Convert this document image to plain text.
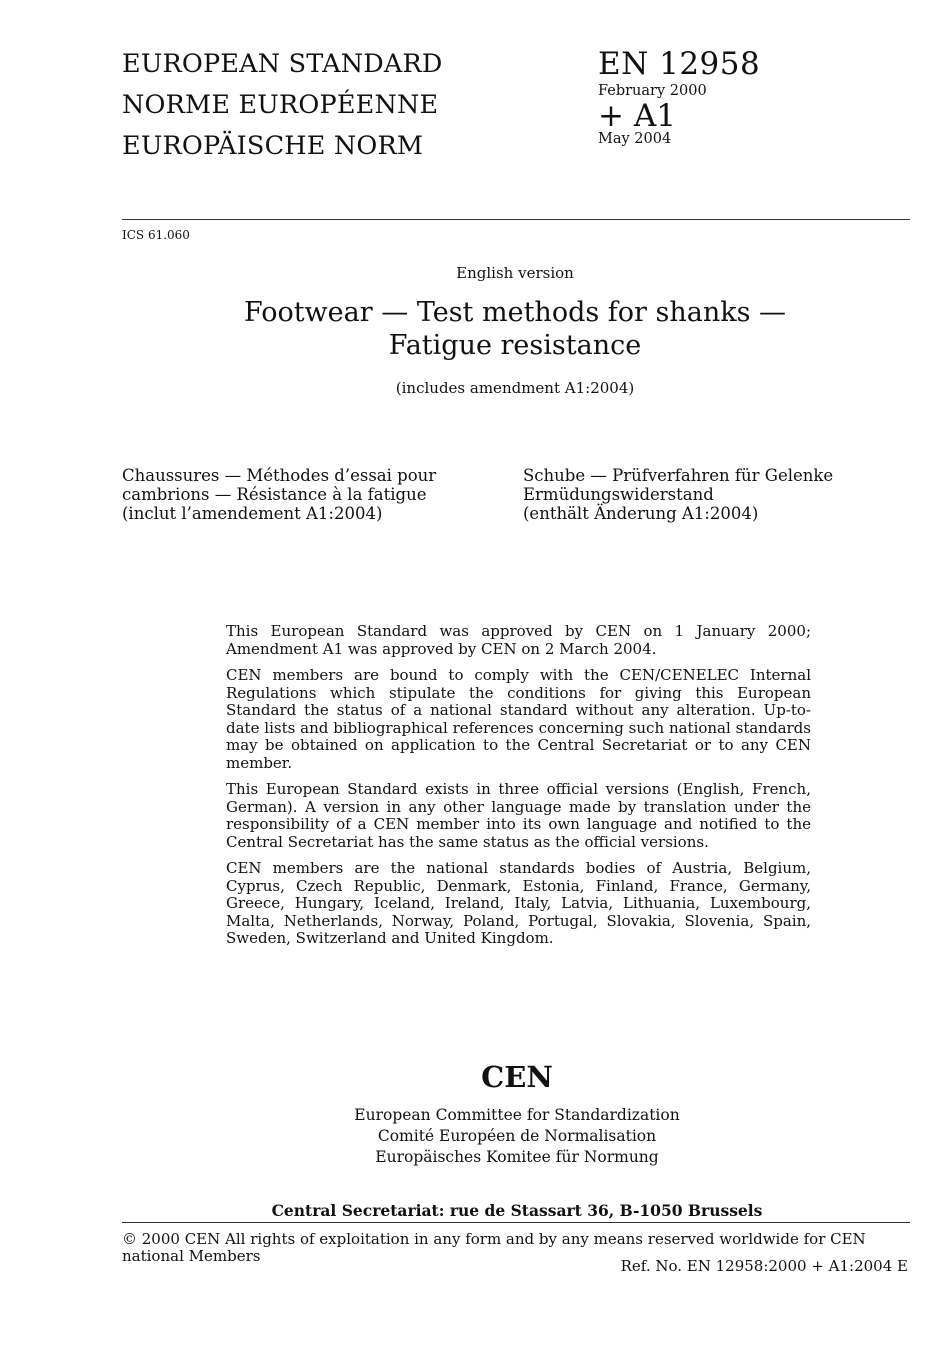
EUROPEAN STANDARD
NORME EUROPÉENNE
EUROPÄISCHE NORM
EN 12958
February 2000
+ A1
May 2004
ICS 61.060
English version
Footwear — Test methods for shanks —
Fatigue resistance
(includes amendment A1:2004)
Chaussures — Méthodes d’essai pour
cambrions — Résistance à la fatigue
(inclut l’amendement A1:2004)
Schube — Prüfverfahren für Gelenke
Ermüdungswiderstand
(enthält Änderung A1:2004)

This European Standard was approved by CEN on 1 January 2000; Amendment A1 was approved by CEN on 2 March 2004.

CEN members are bound to comply with the CEN/CENELEC Internal Regulations which stipulate the conditions for giving this European Standard the status of a national standard without any alteration. Up-to-date lists and bibliographical references concerning such national standards may be obtained on application to the Central Secretariat or to any CEN member.

This European Standard exists in three official versions (English, French, German). A version in any other language made by translation under the responsibility of a CEN member into its own language and notified to the Central Secretariat has the same status as the official versions.

CEN members are the national standards bodies of Austria, Belgium, Cyprus, Czech Republic, Denmark, Estonia, Finland, France, Germany, Greece, Hungary, Iceland, Ireland, Italy, Latvia, Lithuania, Luxembourg, Malta, Netherlands, Norway, Poland, Portugal, Slovakia, Slovenia, Spain, Sweden, Switzerland and United Kingdom.

CEN
European Committee for Standardization
Comité Européen de Normalisation
Europäisches Komitee für Normung
Central Secretariat: rue de Stassart 36, B-1050 Brussels
© 2000 CEN All rights of exploitation in any form and by any means reserved worldwide for CEN national Members
Ref. No. EN 12958:2000 + A1:2004 E
